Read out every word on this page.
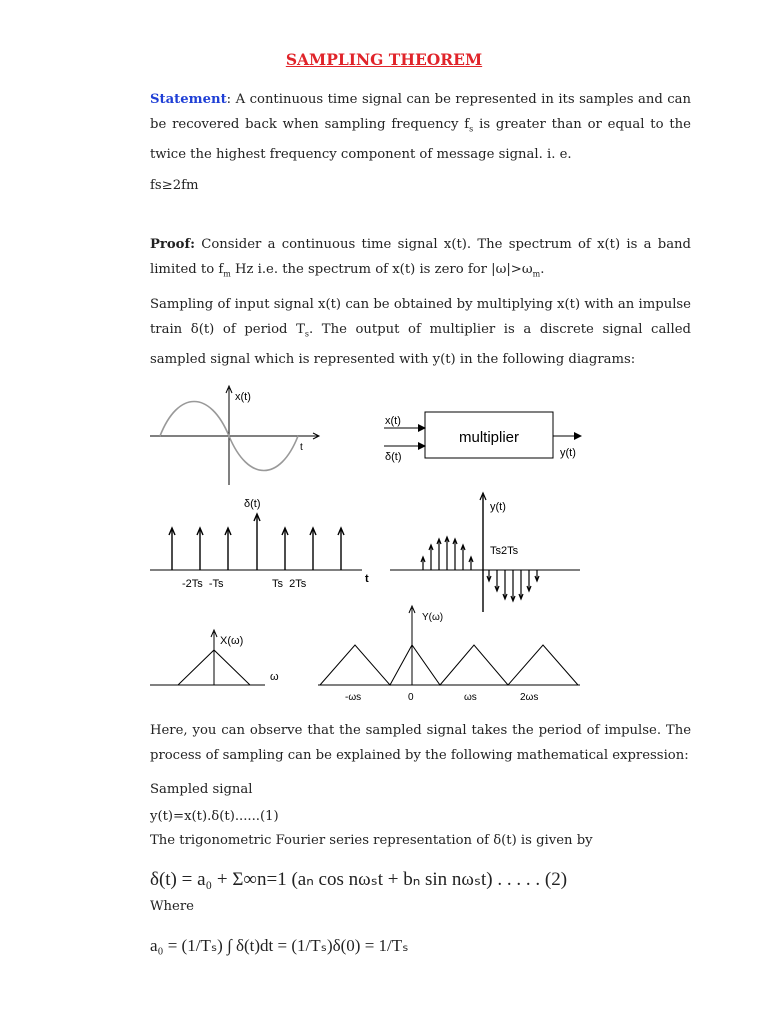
SAMPLING THEOREM
Statement: A continuous time signal can be represented in its samples and can be recovered back when sampling frequency $f_s$ is greater than or equal to the twice the highest frequency component of message signal. i. e.
fs≥2fm
Proof: Consider a continuous time signal x(t). The spectrum of x(t) is a band limited to $f_m$ Hz i.e. the spectrum of x(t) is zero for $|\omega|>\omega_m$.
Sampling of input signal x(t) can be obtained by multiplying x(t) with an impulse train δ(t) of period $T_s$. The output of multiplier is a discrete signal called sampled signal which is represented with y(t) in the following diagrams:
x(t)
t
multiplier
x(t)
δ(t)	y(t)
δ(t)
-2Ts  -Ts	Ts  2Ts	t
y(t)
Ts2Ts
X(ω)
ω
Y(ω)
-ωs	0	ωs	2ωs
Here, you can observe that the sampled signal takes the period of impulse. The process of sampling can be explained by the following mathematical expression:
Sampled signal
y(t)=x(t).δ(t)......(1)
The trigonometric Fourier series representation of δ(t) is given by
δ(t) = a₀ + Σ∞n=1 (aₙ cos nωₛt + bₙ sin nωₛt) . . . . . (2)
Where
a₀ = (1/Tₛ) ∫ δ(t)dt = (1/Tₛ)δ(0) = 1/Tₛ
